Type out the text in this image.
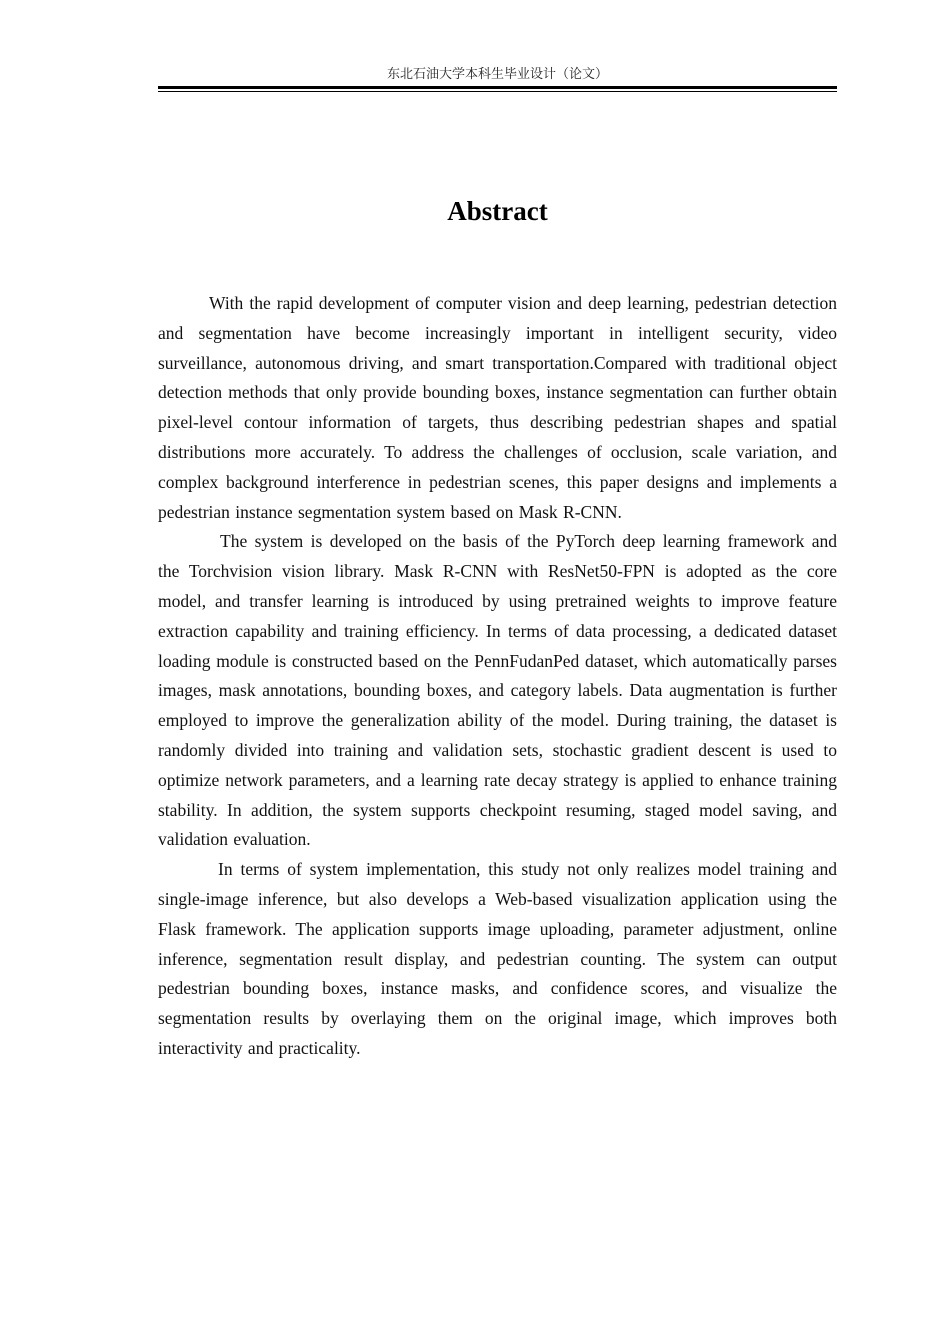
东北石油大学本科生毕业设计（论文）
Abstract

With the rapid development of computer vision and deep learning, pedestrian detection and segmentation have become increasingly important in intelligent security, video surveillance, autonomous driving, and smart transportation.Compared with traditional object detection methods that only provide bounding boxes, instance segmentation can further obtain pixel-level contour information of targets, thus describing pedestrian shapes and spatial distributions more accurately. To address the challenges of occlusion, scale variation, and complex background interference in pedestrian scenes, this paper designs and implements a pedestrian instance segmentation system based on Mask R-CNN.

The system is developed on the basis of the PyTorch deep learning framework and the Torchvision vision library. Mask R-CNN with ResNet50-FPN is adopted as the core model, and transfer learning is introduced by using pretrained weights to improve feature extraction capability and training efficiency. In terms of data processing, a dedicated dataset loading module is constructed based on the PennFudanPed dataset, which automatically parses images, mask annotations, bounding boxes, and category labels. Data augmentation is further employed to improve the generalization ability of the model. During training, the dataset is randomly divided into training and validation sets, stochastic gradient descent is used to optimize network parameters, and a learning rate decay strategy is applied to enhance training stability. In addition, the system supports checkpoint resuming, staged model saving, and validation evaluation.

In terms of system implementation, this study not only realizes model training and single-image inference, but also develops a Web-based visualization application using the Flask framework. The application supports image uploading, parameter adjustment, online inference, segmentation result display, and pedestrian counting. The system can output pedestrian bounding boxes, instance masks, and confidence scores, and visualize the segmentation results by overlaying them on the original image, which improves both interactivity and practicality.
